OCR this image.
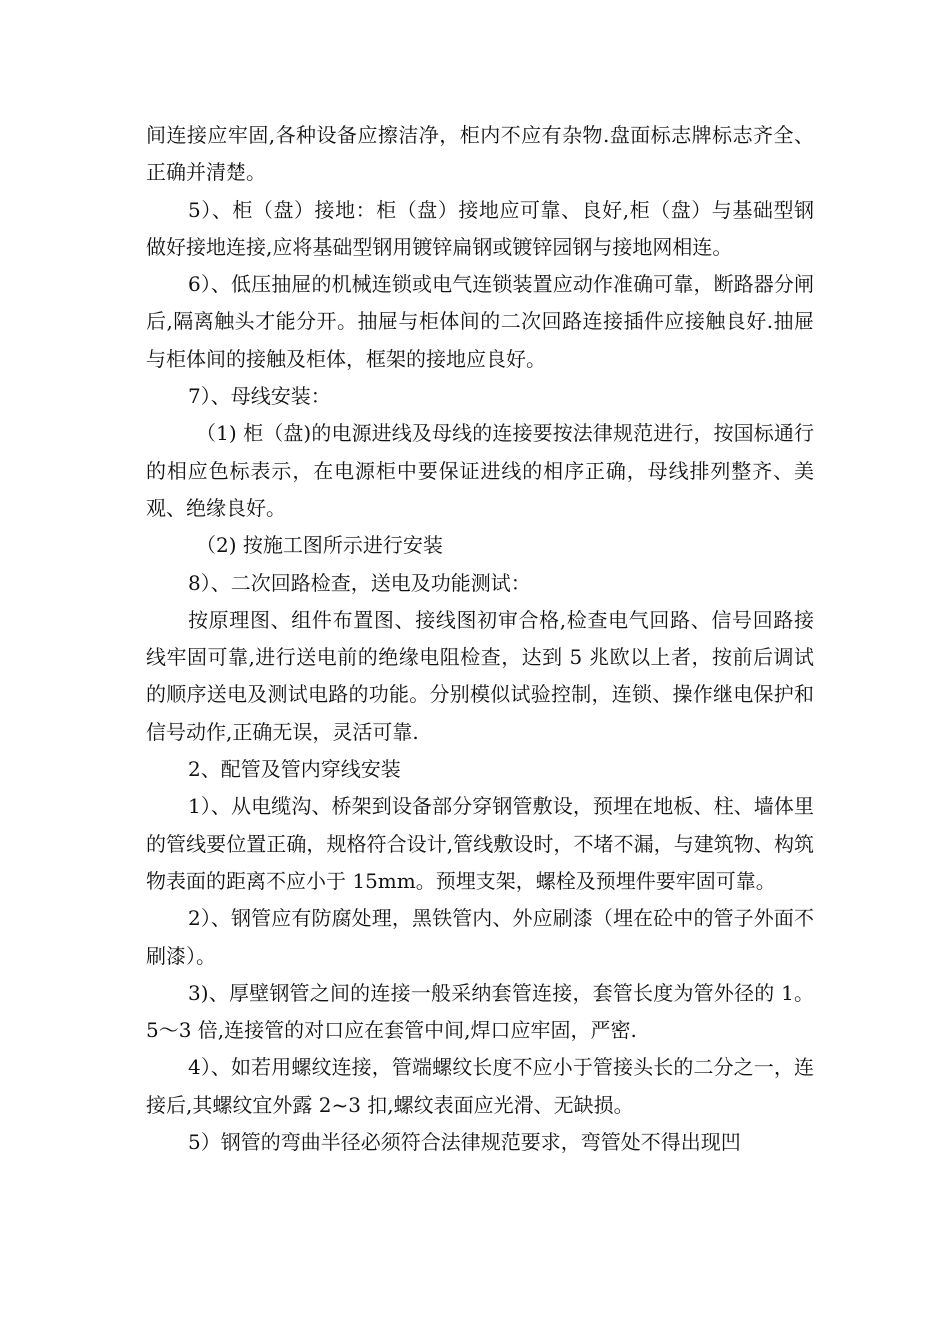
间连接应牢固,各种设备应擦洁净，柜内不应有杂物.盘面标志牌标志齐全、正确并清楚。

5）、柜（盘）接地：柜（盘）接地应可靠、良好,柜（盘）与基础型钢做好接地连接,应将基础型钢用镀锌扁钢或镀锌园钢与接地网相连。

6）、低压抽屉的机械连锁或电气连锁装置应动作准确可靠，断路器分闸后,隔离触头才能分开。抽屉与柜体间的二次回路连接插件应接触良好.抽屉与柜体间的接触及柜体，框架的接地应良好。

7）、母线安装：

（1) 柜（盘)的电源进线及母线的连接要按法律规范进行，按国标通行的相应色标表示，在电源柜中要保证进线的相序正确，母线排列整齐、美观、绝缘良好。

（2) 按施工图所示进行安装

8）、二次回路检查，送电及功能测试：

按原理图、组件布置图、接线图初审合格,检查电气回路、信号回路接线牢固可靠,进行送电前的绝缘电阻检查，达到 5 兆欧以上者，按前后调试的顺序送电及测试电路的功能。分别模似试验控制，连锁、操作继电保护和信号动作,正确无误，灵活可靠.

2、配管及管内穿线安装

1）、从电缆沟、桥架到设备部分穿钢管敷设，预埋在地板、柱、墙体里的管线要位置正确，规格符合设计,管线敷设时，不堵不漏，与建筑物、构筑物表面的距离不应小于 15mm。预埋支架，螺栓及预埋件要牢固可靠。

2）、钢管应有防腐处理，黑铁管内、外应刷漆（埋在砼中的管子外面不刷漆）。

3)、厚壁钢管之间的连接一般采纳套管连接，套管长度为管外径的 1。5～3 倍,连接管的对口应在套管中间,焊口应牢固，严密.

4）、如若用螺纹连接，管端螺纹长度不应小于管接头长的二分之一，连接后,其螺纹宜外露 2~3 扣,螺纹表面应光滑、无缺损。

5）钢管的弯曲半径必须符合法律规范要求，弯管处不得出现凹
